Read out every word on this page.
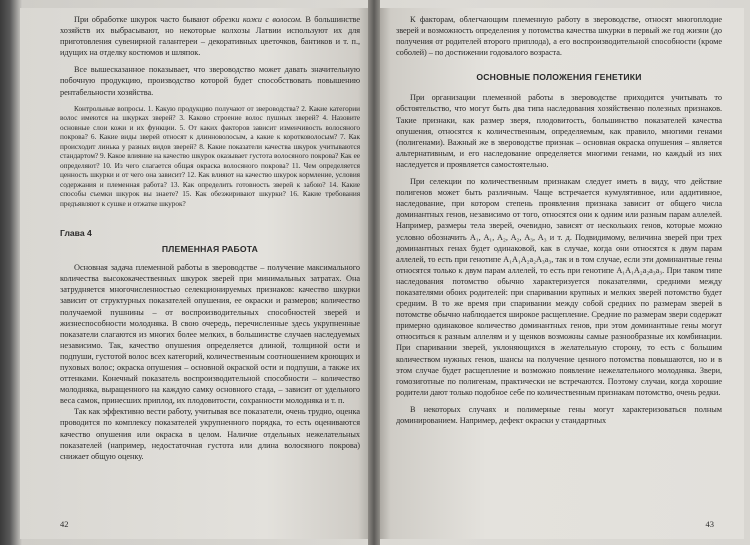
При обработке шкурок часто бывают обрезки кожи с волосом. В большинстве хозяйств их выбрасывают, но некоторые колхозы Латвии используют их для приготовления сувенирной галантереи – декоративных цветочков, бантиков и т. п., идущих на отделку костюмов и шляпок.

Все вышесказанное показывает, что звероводство может давать значительную побочную продукцию, производство которой будет способствовать повышению рентабельности хозяйства.

Контрольные вопросы. 1. Какую продукцию получают от звероводства? 2. Какие категории волос имеются на шкурках зверей? 3. Каково строение волос пушных зверей? 4. Назовите основные слои кожи и их функции. 5. От каких факторов зависит изменчивость волосяного покрова? 6. Какие виды зверей относят к длинноволосым, а какие к коротковолосым? 7. Как происходит линька у разных видов зверей? 8. Какие показатели качества шкурок учитываются стандартом? 9. Какое влияние на качество шкурок оказывает густота волосяного покрова? Как ее определяют? 10. Из чего слагается общая окраска волосяного покрова? 11. Чем определяется ценность шкурки и от чего она зависит? 12. Как влияют на качество шкурок кормление, условия содержания и племенная работа? 13. Как определить готовность зверей к забою? 14. Какие способы съемки шкурок вы знаете? 15. Как обезжиривают шкурки? 16. Какие требования предъявляют к сушке и отжатке шкурок?

Глава 4
ПЛЕМЕННАЯ РАБОТА

Основная задача племенной работы в звероводстве – получение максимального количества высококачественных шкурок зверей при минимальных затратах. Она затрудняется многочисленностью селекционируемых признаков: качество шкурки зависит от структурных показателей опушения, ее окраски и размеров; количество получаемой пушнины – от воспроизводительных способностей зверей и жизнеспособности молодняка. В свою очередь, перечисленные здесь укрупненные показатели слагаются из многих более мелких, в большинстве случаев наследуемых независимо. Так, качество опушения определяется длиной, толщиной ости и подпуши, густотой волос всех категорий, количественным соотношением кроющих и пуховых волос; окраска опушения – основной окраской ости и подпуши, а также их оттенками. Конечный показатель воспроизводительной способности – количество молодняка, выращенного на каждую самку основного стада, – зависит от удельного веса самок, принесших приплод, их плодовитости, сохранности молодняка и т. п.

Так как эффективно вести работу, учитывая все показатели, очень трудно, оценка проводится по комплексу показателей укрупненного порядка, то есть оцениваются качество опушения или окраска в целом. Наличие отдельных нежелательных показателей (например, недостаточная густота или длина волосяного покрова) снижает общую оценку.

42

К факторам, облегчающим племенную работу в звероводстве, относят многоплодие зверей и возможность определения у потомства качества шкурки в первый же год жизни (до получения от родителей второго приплода), а его воспроизводительной способности (кроме соболей) – по достижении годовалого возраста.

ОСНОВНЫЕ ПОЛОЖЕНИЯ ГЕНЕТИКИ

При организации племенной работы в звероводстве приходится учитывать то обстоятельство, что могут быть два типа наследования хозяйственно полезных признаков. Такие признаки, как размер зверя, плодовитость, большинство показателей качества опушения, относятся к количественным, определяемым, как правило, многими генами (полигенами). Важный же в звероводстве признак – основная окраска опушения – является альтернативным, и его наследование определяется многими генами, но каждый из них наследуется и проявляется самостоятельно.

При селекции по количественным признакам следует иметь в виду, что действие полигенов может быть различным. Чаще встречается кумулятивное, или аддитивное, наследование, при котором степень проявления признака зависит от общего числа доминантных генов, независимо от того, относятся они к одним или разным парам аллелей. Например, размеры тела зверей, очевидно, зависят от нескольких генов, которые можно условно обозначить A₁, A₁, A₂, A₂, A₃, A₃ и т. д. Подвидимому, величина зверей при трех доминантных генах будет одинаковой, как в случае, когда они относятся к двум парам аллелей, то есть при генотипе A₁A₁A₂a₂A₃a₃, так и в том случае, если эти доминантные гены относятся только к двум парам аллелей, то есть при генотипе A₁A₁A₂a₂a₃a₃. При таком типе наследования потомство обычно характеризуется показателями, средними между показателями обоих родителей: при спаривании крупных и мелких зверей потомство будет средним. В то же время при спаривании между собой средних по размерам зверей в потомстве обычно наблюдается широкое расщепление. Средние по размерам звери содержат примерно одинаковое количество доминантных генов, при этом доминантные гены могут относиться к разным аллелям и у щенков возможны самые разнообразные их комбинации. При спаривании зверей, уклоняющихся в желательную сторону, то есть с большим количеством нужных генов, шансы на получение ценного потомства повышаются, но и в этом случае будет расщепление и возможно появление нежелательного молодняка. Звери, гомозиготные по полигенам, практически не встречаются. Поэтому случаи, когда хорошие родители дают только подобное себе по количественным признакам потомство, очень редки.

В некоторых случаях и полимерные гены могут характеризоваться полным доминированием. Например, дефект окраски у стандартных

43
